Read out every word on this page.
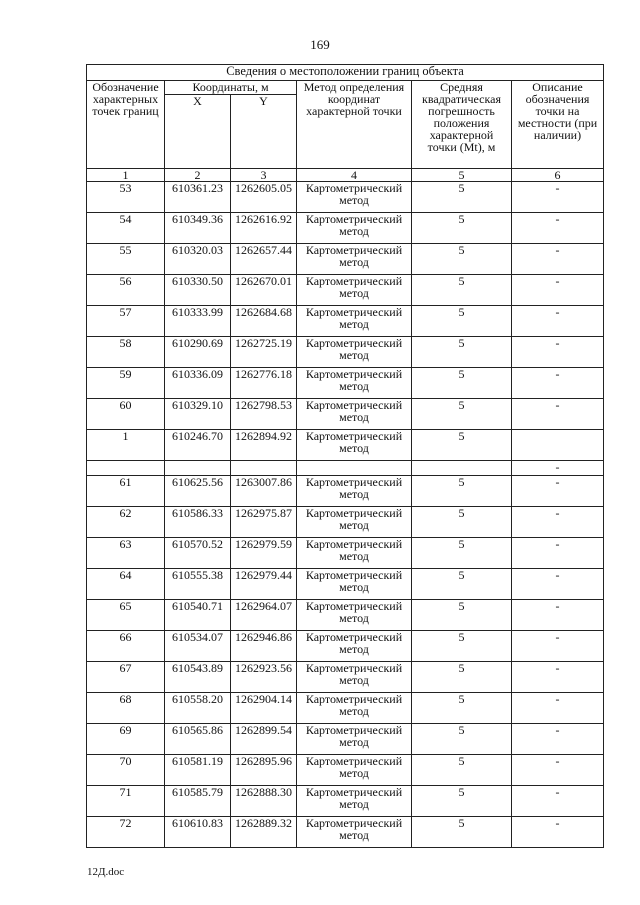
169
Сведения о местоположении границ объекта					
Обозначение характерных точек границ	Координаты, м		Метод определения координат характерной точки	Средняя квадратическая погрешность положения характерной точки (Mt), м	Описание обозначения точки на местности (при наличии)
	X	Y			
1	2	3	4	5	6
53	610361.23	1262605.05	Картометрический метод	5	-
54	610349.36	1262616.92	Картометрический метод	5	-
55	610320.03	1262657.44	Картометрический метод	5	-
56	610330.50	1262670.01	Картометрический метод	5	-
57	610333.99	1262684.68	Картометрический метод	5	-
58	610290.69	1262725.19	Картометрический метод	5	-
59	610336.09	1262776.18	Картометрический метод	5	-
60	610329.10	1262798.53	Картометрический метод	5	-
1	610246.70	1262894.92	Картометрический метод	5	
					-
61	610625.56	1263007.86	Картометрический метод	5	-
62	610586.33	1262975.87	Картометрический метод	5	-
63	610570.52	1262979.59	Картометрический метод	5	-
64	610555.38	1262979.44	Картометрический метод	5	-
65	610540.71	1262964.07	Картометрический метод	5	-
66	610534.07	1262946.86	Картометрический метод	5	-
67	610543.89	1262923.56	Картометрический метод	5	-
68	610558.20	1262904.14	Картометрический метод	5	-
69	610565.86	1262899.54	Картометрический метод	5	-
70	610581.19	1262895.96	Картометрический метод	5	-
71	610585.79	1262888.30	Картометрический метод	5	-
72	610610.83	1262889.32	Картометрический метод	5	-
12Д.doc
